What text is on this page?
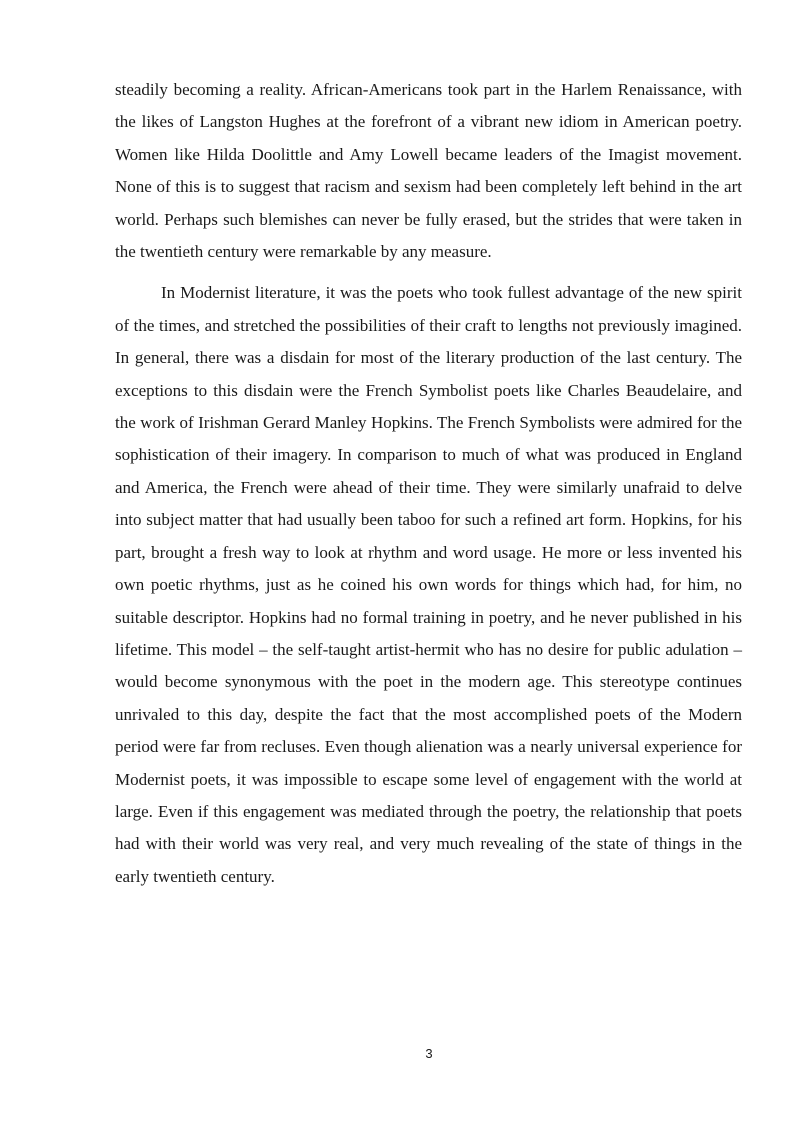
steadily becoming a reality. African-Americans took part in the Harlem Renaissance, with the likes of Langston Hughes at the forefront of a vibrant new idiom in American poetry. Women like Hilda Doolittle and Amy Lowell became leaders of the Imagist movement. None of this is to suggest that racism and sexism had been completely left behind in the art world. Perhaps such blemishes can never be fully erased, but the strides that were taken in the twentieth century were remarkable by any measure.

In Modernist literature, it was the poets who took fullest advantage of the new spirit of the times, and stretched the possibilities of their craft to lengths not previously imagined. In general, there was a disdain for most of the literary production of the last century. The exceptions to this disdain were the French Symbolist poets like Charles Beaudelaire, and the work of Irishman Gerard Manley Hopkins. The French Symbolists were admired for the sophistication of their imagery. In comparison to much of what was produced in England and America, the French were ahead of their time. They were similarly unafraid to delve into subject matter that had usually been taboo for such a refined art form. Hopkins, for his part, brought a fresh way to look at rhythm and word usage. He more or less invented his own poetic rhythms, just as he coined his own words for things which had, for him, no suitable descriptor. Hopkins had no formal training in poetry, and he never published in his lifetime. This model – the self-taught artist-hermit who has no desire for public adulation – would become synonymous with the poet in the modern age. This stereotype continues unrivaled to this day, despite the fact that the most accomplished poets of the Modern period were far from recluses. Even though alienation was a nearly universal experience for Modernist poets, it was impossible to escape some level of engagement with the world at large. Even if this engagement was mediated through the poetry, the relationship that poets had with their world was very real, and very much revealing of the state of things in the early twentieth century.

3
